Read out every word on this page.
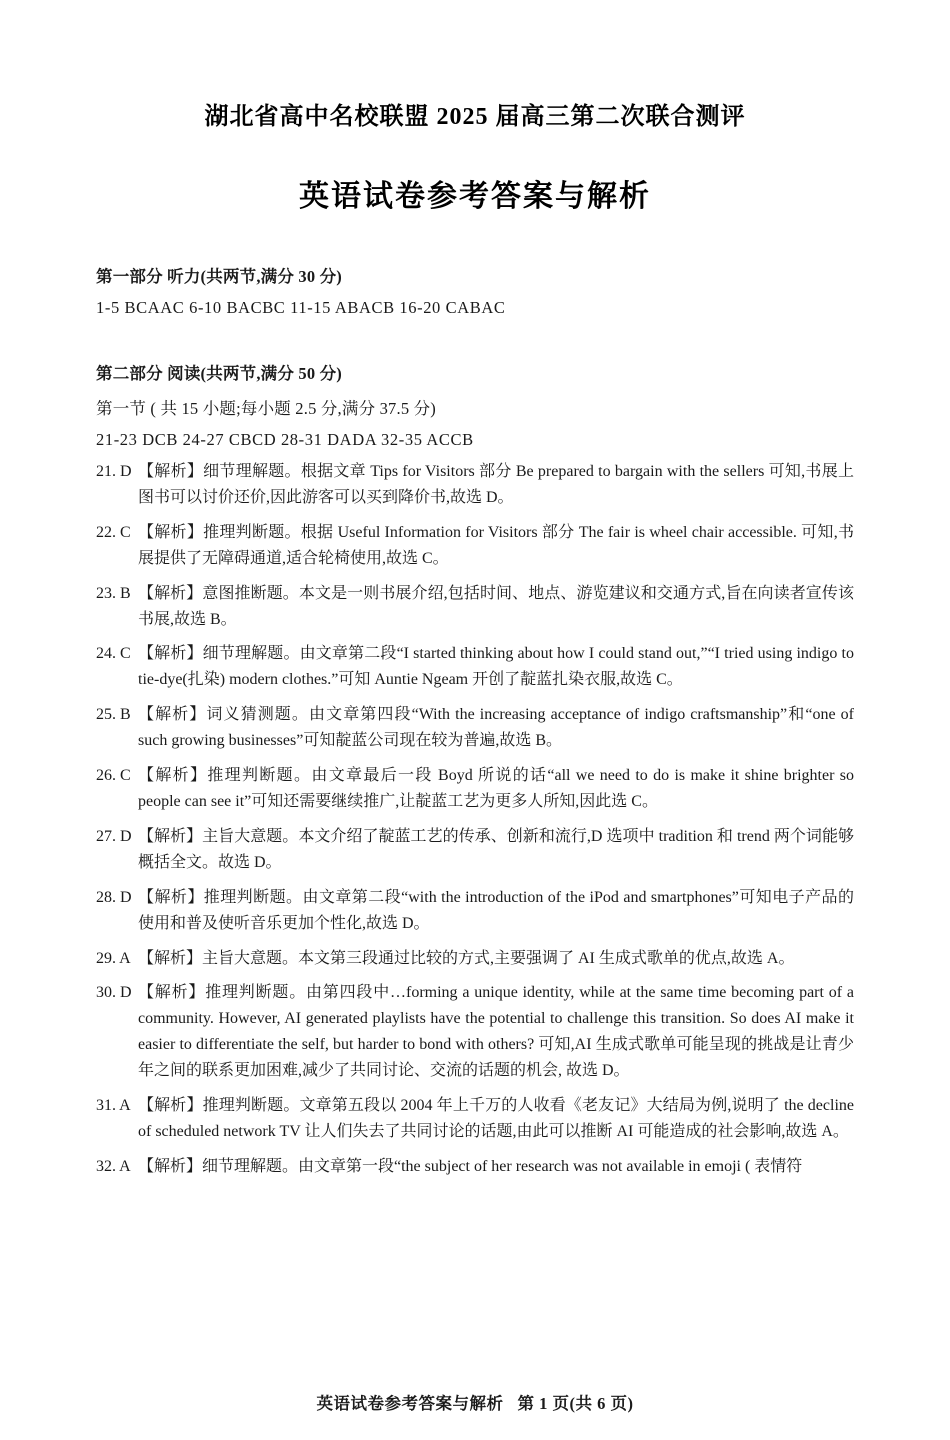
湖北省高中名校联盟 2025 届高三第二次联合测评
英语试卷参考答案与解析
第一部分 听力(共两节,满分 30 分)
1-5 BCAAC 6-10 BACBC 11-15 ABACB 16-20 CABAC
第二部分 阅读(共两节,满分 50 分)
第一节 ( 共 15 小题;每小题 2.5 分,满分 37.5 分)
21-23 DCB 24-27 CBCD 28-31 DADA 32-35 ACCB
21. D 【解析】细节理解题。根据文章 Tips for Visitors 部分 Be prepared to bargain with the sellers 可知,书展上图书可以讨价还价,因此游客可以买到降价书,故选 D。
22. C 【解析】推理判断题。根据 Useful Information for Visitors 部分 The fair is wheel chair accessible. 可知,书展提供了无障碍通道,适合轮椅使用,故选 C。
23. B 【解析】意图推断题。本文是一则书展介绍,包括时间、地点、游览建议和交通方式,旨在向读者宣传该书展,故选 B。
24. C 【解析】细节理解题。由文章第二段“I started thinking about how I could stand out,”“I tried using indigo to tie-dye(扎染) modern clothes.”可知 Auntie Ngeam 开创了靛蓝扎染衣服,故选 C。
25. B 【解析】词义猜测题。由文章第四段“With the increasing acceptance of indigo craftsmanship”和“one of such growing businesses”可知靛蓝公司现在较为普遍,故选 B。
26. C 【解析】推理判断题。由文章最后一段 Boyd 所说的话“all we need to do is make it shine brighter so people can see it”可知还需要继续推广,让靛蓝工艺为更多人所知,因此选 C。
27. D 【解析】主旨大意题。本文介绍了靛蓝工艺的传承、创新和流行,D 选项中 tradition 和 trend 两个词能够概括全文。故选 D。
28. D 【解析】推理判断题。由文章第二段“with the introduction of the iPod and smartphones”可知电子产品的使用和普及使听音乐更加个性化,故选 D。
29. A 【解析】主旨大意题。本文第三段通过比较的方式,主要强调了 AI 生成式歌单的优点,故选 A。
30. D 【解析】推理判断题。由第四段中…forming a unique identity, while at the same time becoming part of a community. However, AI generated playlists have the potential to challenge this transition. So does AI make it easier to differentiate the self, but harder to bond with others? 可知,AI 生成式歌单可能呈现的挑战是让青少年之间的联系更加困难,减少了共同讨论、交流的话题的机会, 故选 D。
31. A 【解析】推理判断题。文章第五段以 2004 年上千万的人收看《老友记》大结局为例,说明了 the decline of scheduled network TV 让人们失去了共同讨论的话题,由此可以推断 AI 可能造成的社会影响,故选 A。
32. A 【解析】细节理解题。由文章第一段“the subject of her research was not available in emoji ( 表情符
英语试卷参考答案与解析 第 1 页(共 6 页)
